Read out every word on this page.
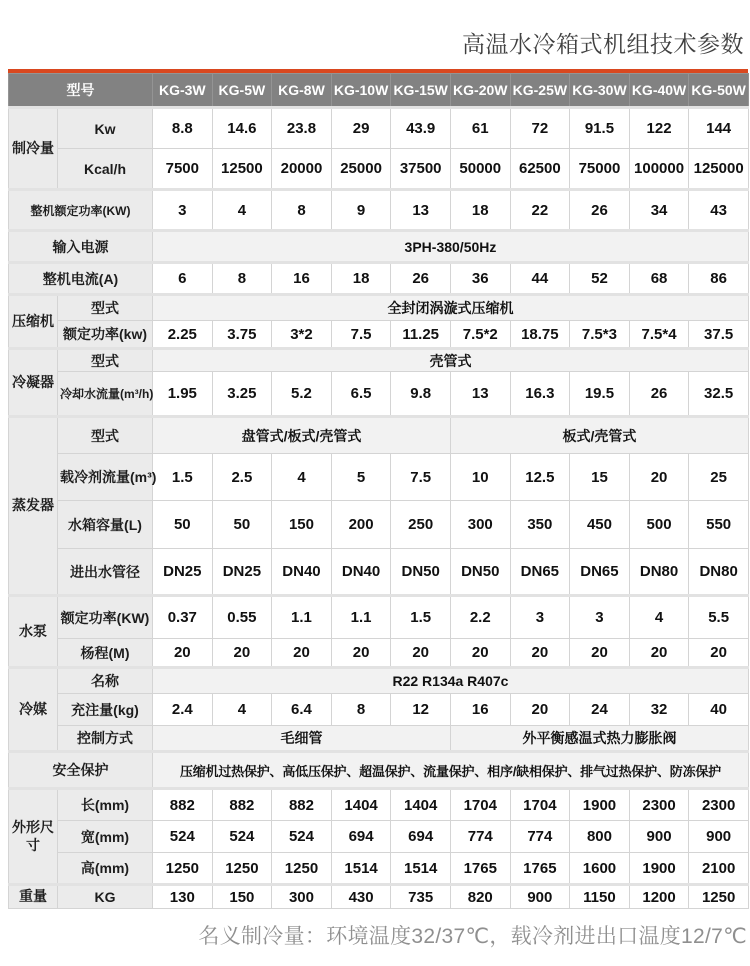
高温水冷箱式机组技术参数
型号		KG-3W	KG-5W	KG-8W	KG-10W	KG-15W	KG-20W	KG-25W	KG-30W	KG-40W	KG-50W
制冷量	Kw	8.8	14.6	23.8	29	43.9	61	72	91.5	122	144
	Kcal/h	7500	12500	20000	25000	37500	50000	62500	75000	100000	125000
整机额定功率(KW)		3	4	8	9	13	18	22	26	34	43
输入电源		3PH-380/50Hz									
整机电流(A)		6	8	16	18	26	36	44	52	68	86
压缩机	型式	全封闭涡漩式压缩机									
	额定功率(kw)	2.25	3.75	3*2	7.5	11.25	7.5*2	18.75	7.5*3	7.5*4	37.5
冷凝器	型式	壳管式									
	冷却水流量(m³/h)	1.95	3.25	5.2	6.5	9.8	13	16.3	19.5	26	32.5
蒸发器	型式	盘管式/板式/壳管式					板式/壳管式				
	载冷剂流量(m³)	1.5	2.5	4	5	7.5	10	12.5	15	20	25
	水箱容量(L)	50	50	150	200	250	300	350	450	500	550
	进出水管径	DN25	DN25	DN40	DN40	DN50	DN50	DN65	DN65	DN80	DN80
水泵	额定功率(KW)	0.37	0.55	1.1	1.1	1.5	2.2	3	3	4	5.5
	杨程(M)	20	20	20	20	20	20	20	20	20	20
冷媒	名称	R22 R134a R407c									
	充注量(kg)	2.4	4	6.4	8	12	16	20	24	32	40
	控制方式	毛细管					外平衡感温式热力膨胀阀				
安全保护		压缩机过热保护、高低压保护、超温保护、流量保护、相序/缺相保护、排气过热保护、防冻保护									
外形尺寸	长(mm)	882	882	882	1404	1404	1704	1704	1900	2300	2300
	宽(mm)	524	524	524	694	694	774	774	800	900	900
	高(mm)	1250	1250	1250	1514	1514	1765	1765	1600	1900	2100
重量	KG	130	150	300	430	735	820	900	1150	1200	1250
名义制冷量：环境温度32/37℃，载冷剂进出口温度12/7℃
